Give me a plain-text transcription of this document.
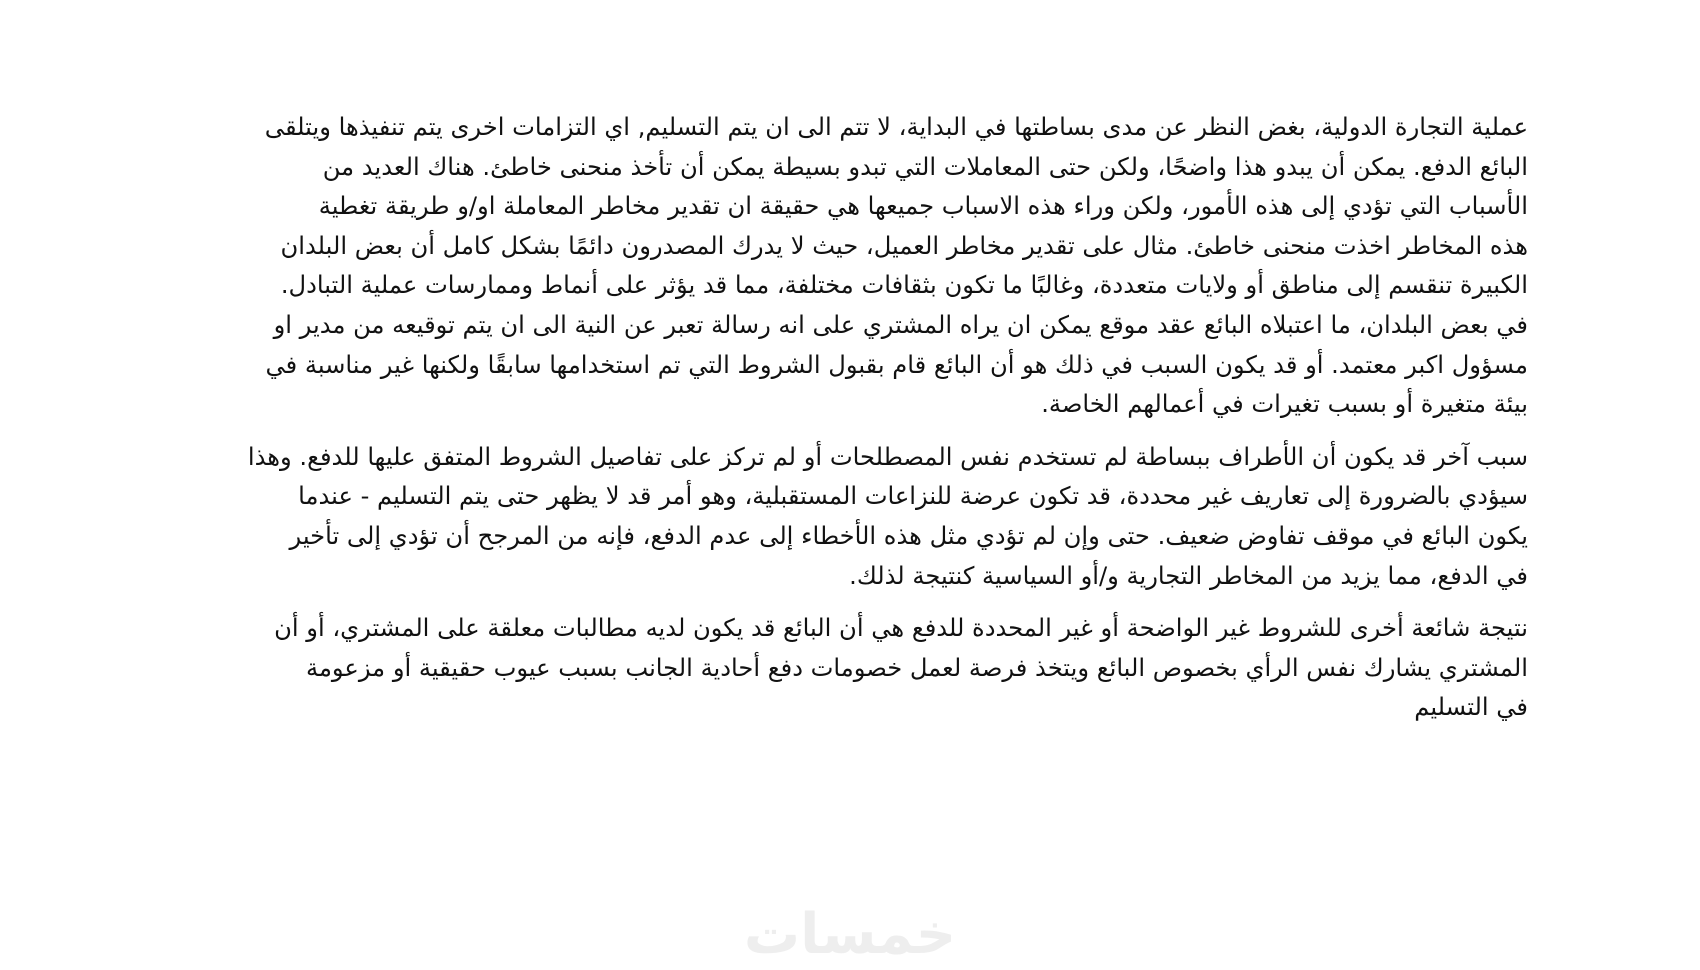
عملية التجارة الدولية، بغض النظر عن مدى بساطتها في البداية، لا تتم الى ان يتم التسليم, اي التزامات اخرى يتم تنفيذها ويتلقى
البائع الدفع. يمكن أن يبدو هذا واضحًا، ولكن حتى المعاملات التي تبدو بسيطة يمكن أن تأخذ منحنى خاطئ. هناك العديد من
الأسباب التي تؤدي إلى هذه الأمور، ولكن وراء هذه الاسباب جميعها هي حقيقة ان تقدير مخاطر المعاملة او/و طريقة تغطية
هذه المخاطر اخذت منحنى خاطئ. مثال على تقدير مخاطر العميل، حيث لا يدرك المصدرون دائمًا بشكل كامل أن بعض البلدان
الكبيرة تنقسم إلى مناطق أو ولايات متعددة، وغالبًا ما تكون بثقافات مختلفة، مما قد يؤثر على أنماط وممارسات عملية التبادل.
في بعض البلدان، ما اعتبلاه البائع عقد موقع يمكن ان يراه المشتري على انه رسالة تعبر عن النية الى ان يتم توقيعه من مدير او
مسؤول اكبر معتمد. أو قد يكون السبب في ذلك هو أن البائع قام بقبول الشروط التي تم استخدامها سابقًا ولكنها غير مناسبة في
بيئة متغيرة أو بسبب تغيرات في أعمالهم الخاصة.

سبب آخر قد يكون أن الأطراف ببساطة لم تستخدم نفس المصطلحات أو لم تركز على تفاصيل الشروط المتفق عليها للدفع. وهذا
سيؤدي بالضرورة إلى تعاريف غير محددة، قد تكون عرضة للنزاعات المستقبلية، وهو أمر قد لا يظهر حتى يتم التسليم - عندما
يكون البائع في موقف تفاوض ضعيف. حتى وإن لم تؤدي مثل هذه الأخطاء إلى عدم الدفع، فإنه من المرجح أن تؤدي إلى تأخير
في الدفع، مما يزيد من المخاطر التجارية و/أو السياسية كنتيجة لذلك.

نتيجة شائعة أخرى للشروط غير الواضحة أو غير المحددة للدفع هي أن البائع قد يكون لديه مطالبات معلقة على المشتري، أو أن
المشتري يشارك نفس الرأي بخصوص البائع ويتخذ فرصة لعمل خصومات دفع أحادية الجانب بسبب عيوب حقيقية أو مزعومة
في التسليم

خمسات
